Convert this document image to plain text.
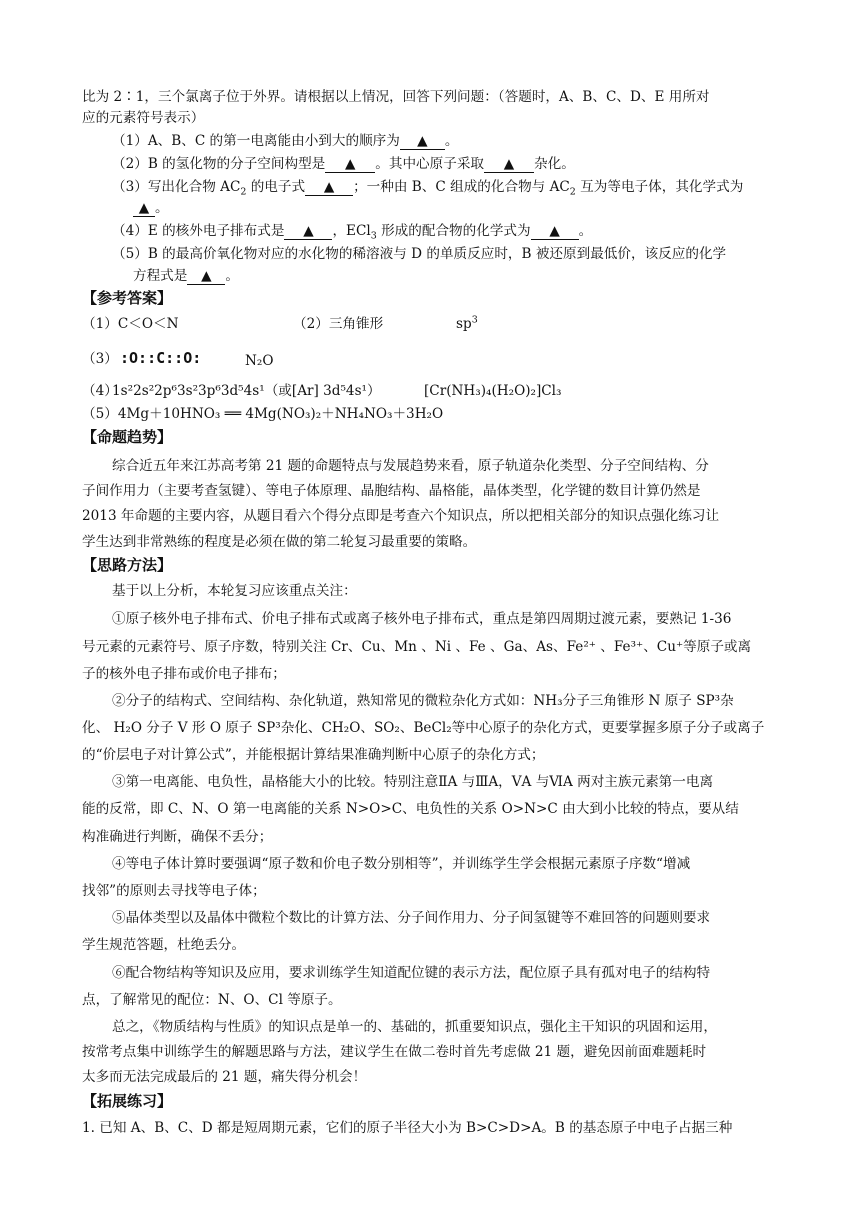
比为 2∶1，三个氯离子位于外界。请根据以上情况，回答下列问题：（答题时，A、B、C、D、E 用所对
应的元素符号表示）
（1）A、B、C 的第一电离能由小到大的顺序为 ▲ 。
（2）B 的氢化物的分子空间构型是 ▲ 。其中心原子采取 ▲ 杂化。
（3）写出化合物 $AC_2$ 的电子式 ▲ ；一种由 B、C 组成的化合物与 $AC_2$ 互为等电子体，其化学式为
▲ 。
（4）E 的核外电子排布式是 ▲ ，ECl$_3$ 形成的配合物的化学式为 ▲ 。
（5）B 的最高价氧化物对应的水化物的稀溶液与 D 的单质反应时，B 被还原到最低价，该反应的化学
方程式是 ▲ 。
【参考答案】
（1）C＜O＜N	（2）三角锥形	$sp^3$
（3） :O::C::O:	N₂O
（4）
1s²2s²2p⁶3s²3p⁶3d⁵4s¹（或[Ar] 3d⁵4s¹）	[Cr(NH₃)₄(H₂O)₂]Cl₃
（5）4Mg＋10HNO₃ ══ 4Mg(NO₃)₂＋NH₄NO₃＋3H₂O
【命题趋势】
综合近五年来江苏高考第 21 题的命题特点与发展趋势来看，原子轨道杂化类型、分子空间结构、分
子间作用力（主要考查氢键）、等电子体原理、晶胞结构、晶格能，晶体类型，化学键的数目计算仍然是
2013 年命题的主要内容，从题目看六个得分点即是考查六个知识点，所以把相关部分的知识点强化练习让
学生达到非常熟练的程度是必须在做的第二轮复习最重要的策略。
【思路方法】
基于以上分析，本轮复习应该重点关注：
①原子核外电子排布式、价电子排布式或离子核外电子排布式，重点是第四周期过渡元素，要熟记 1-36
号元素的元素符号、原子序数，特别关注 Cr、Cu、Mn 、Ni 、Fe 、Ga、As、Fe²⁺ 、Fe³⁺、Cu⁺等原子或离
子的核外电子排布或价电子排布；
②分子的结构式、空间结构、杂化轨道，熟知常见的微粒杂化方式如：NH₃分子三角锥形 N 原子 SP³杂
化、 H₂O 分子 V 形 O 原子 SP³杂化、CH₂O、SO₂、BeCl₂等中心原子的杂化方式，更要掌握多原子分子或离子
的“价层电子对计算公式”，并能根据计算结果准确判断中心原子的杂化方式；
③第一电离能、电负性，晶格能大小的比较。特别注意ⅡA 与ⅢA，ⅤA 与ⅥA 两对主族元素第一电离
能的反常，即 C、N、O 第一电离能的关系 N>O>C、电负性的关系 O>N>C 由大到小比较的特点，要从结
构准确进行判断，确保不丢分；
④等电子体计算时要强调“原子数和价电子数分别相等”，并训练学生学会根据元素原子序数“增减
找邻”的原则去寻找等电子体；
⑤晶体类型以及晶体中微粒个数比的计算方法、分子间作用力、分子间氢键等不难回答的问题则要求
学生规范答题，杜绝丢分。
⑥配合物结构等知识及应用，要求训练学生知道配位键的表示方法，配位原子具有孤对电子的结构特
点，了解常见的配位：N、O、Cl 等原子。
总之，《物质结构与性质》的知识点是单一的、基础的，抓重要知识点，强化主干知识的巩固和运用，
按常考点集中训练学生的解题思路与方法，建议学生在做二卷时首先考虑做 21 题，避免因前面难题耗时
太多而无法完成最后的 21 题，痛失得分机会！
【拓展练习】
1. 已知 A、B、C、D 都是短周期元素，它们的原子半径大小为 B>C>D>A。B 的基态原子中电子占据三种
